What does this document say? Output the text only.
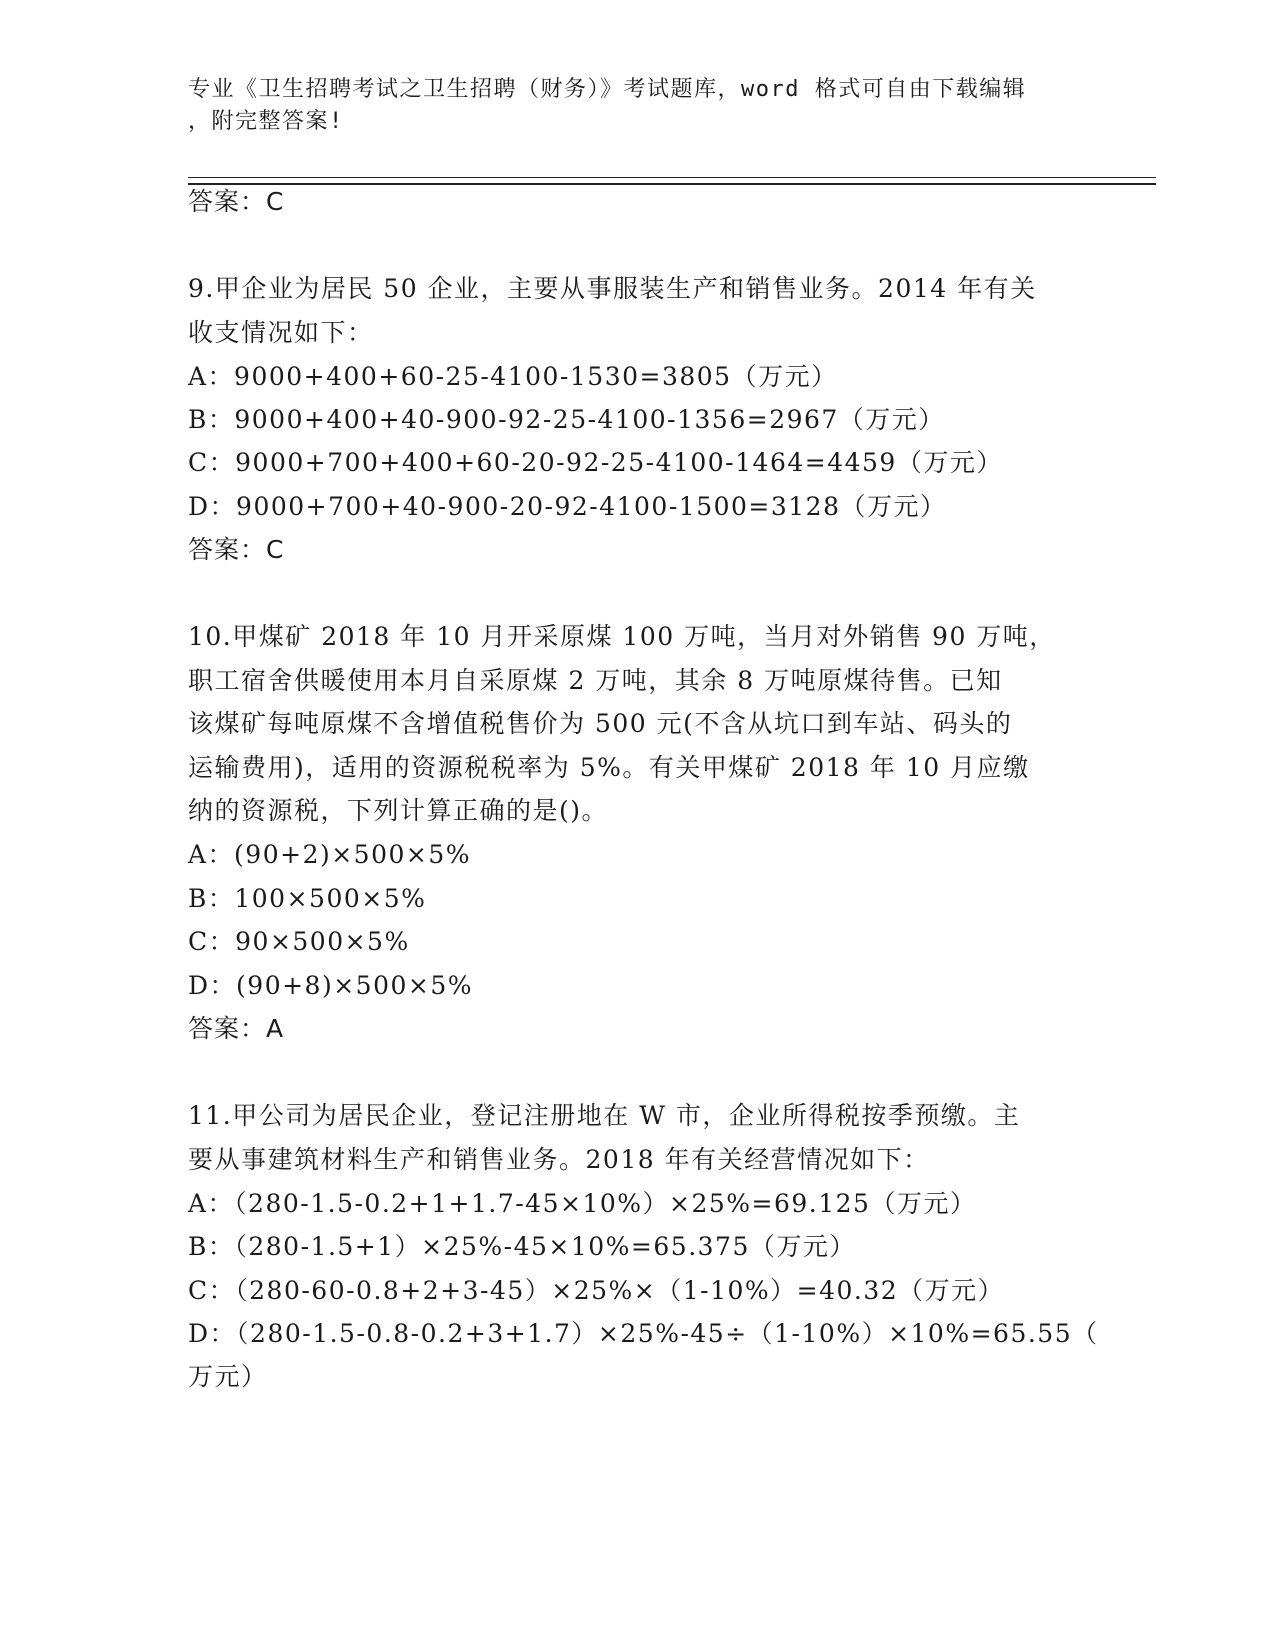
专业《卫生招聘考试之卫生招聘（财务）》考试题库，word 格式可自由下载编辑
，附完整答案!
答案：C
9.甲企业为居民 50 企业，主要从事服装生产和销售业务。2014 年有关
收支情况如下：
A：9000+400+60-25-4100-1530=3805（万元）
B：9000+400+40-900-92-25-4100-1356=2967（万元）
C：9000+700+400+60-20-92-25-4100-1464=4459（万元）
D：9000+700+40-900-20-92-4100-1500=3128（万元）
答案：C
10.甲煤矿 2018 年 10 月开采原煤 100 万吨，当月对外销售 90 万吨，
职工宿舍供暖使用本月自采原煤 2 万吨，其余 8 万吨原煤待售。已知
该煤矿每吨原煤不含增值税售价为 500 元(不含从坑口到车站、码头的
运输费用)，适用的资源税税率为 5%。有关甲煤矿 2018 年 10 月应缴
纳的资源税，下列计算正确的是()。
A：(90+2)×500×5%
B：100×500×5%
C：90×500×5%
D：(90+8)×500×5%
答案：A
11.甲公司为居民企业，登记注册地在 W 市，企业所得税按季预缴。主
要从事建筑材料生产和销售业务。2018 年有关经营情况如下：
A：（280-1.5-0.2+1+1.7-45×10%）×25%=69.125（万元）
B：（280-1.5+1）×25%-45×10%=65.375（万元）
C：（280-60-0.8+2+3-45）×25%×（1-10%）=40.32（万元）
D：（280-1.5-0.8-0.2+3+1.7）×25%-45÷（1-10%）×10%=65.55（
万元）
